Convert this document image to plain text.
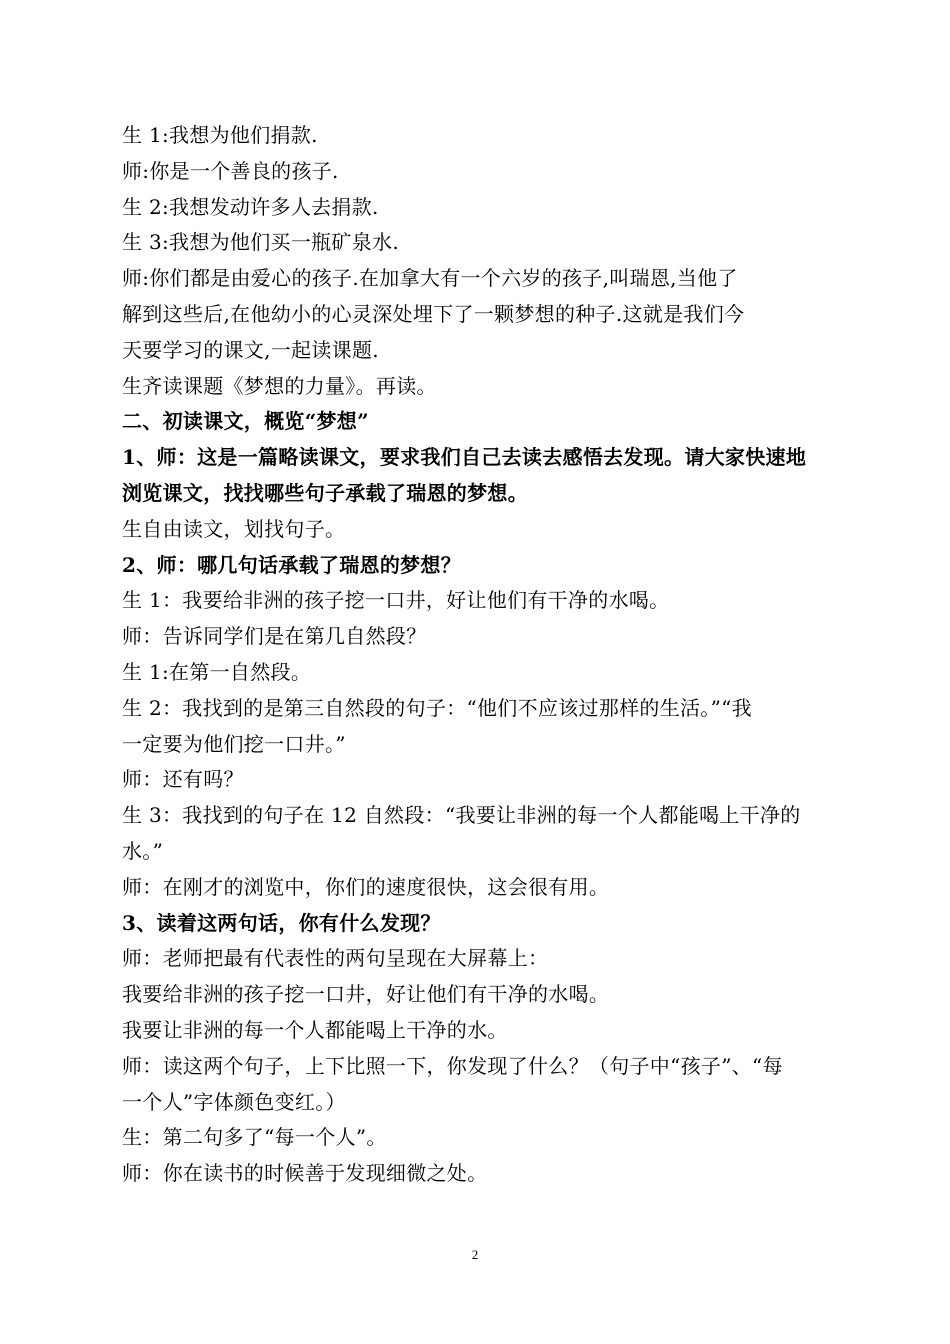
生 1:我想为他们捐款.
师:你是一个善良的孩子.
生 2:我想发动许多人去捐款.
生 3:我想为他们买一瓶矿泉水.
师:你们都是由爱心的孩子.在加拿大有一个六岁的孩子,叫瑞恩,当他了
解到这些后,在他幼小的心灵深处埋下了一颗梦想的种子.这就是我们今
天要学习的课文,一起读课题.
生齐读课题《梦想的力量》。再读。
二、初读课文，概览“梦想”
1、师：这是一篇略读课文，要求我们自己去读去感悟去发现。请大家快速地
浏览课文，找找哪些句子承载了瑞恩的梦想。
生自由读文，划找句子。
2、师：哪几句话承载了瑞恩的梦想？
生 1：我要给非洲的孩子挖一口井，好让他们有干净的水喝。
师：告诉同学们是在第几自然段？
生 1:在第一自然段。
生 2：我找到的是第三自然段的句子：“他们不应该过那样的生活。”“我
一定要为他们挖一口井。”
师：还有吗？
生 3：我找到的句子在 12 自然段：“我要让非洲的每一个人都能喝上干净的
水。”
师：在刚才的浏览中，你们的速度很快，这会很有用。
3、读着这两句话，你有什么发现？
师：老师把最有代表性的两句呈现在大屏幕上：
我要给非洲的孩子挖一口井，好让他们有干净的水喝。
我要让非洲的每一个人都能喝上干净的水。
师：读这两个句子，上下比照一下，你发现了什么？（句子中“孩子”、“每
一个人”字体颜色变红。）
生：第二句多了“每一个人”。
师：你在读书的时候善于发现细微之处。
2
